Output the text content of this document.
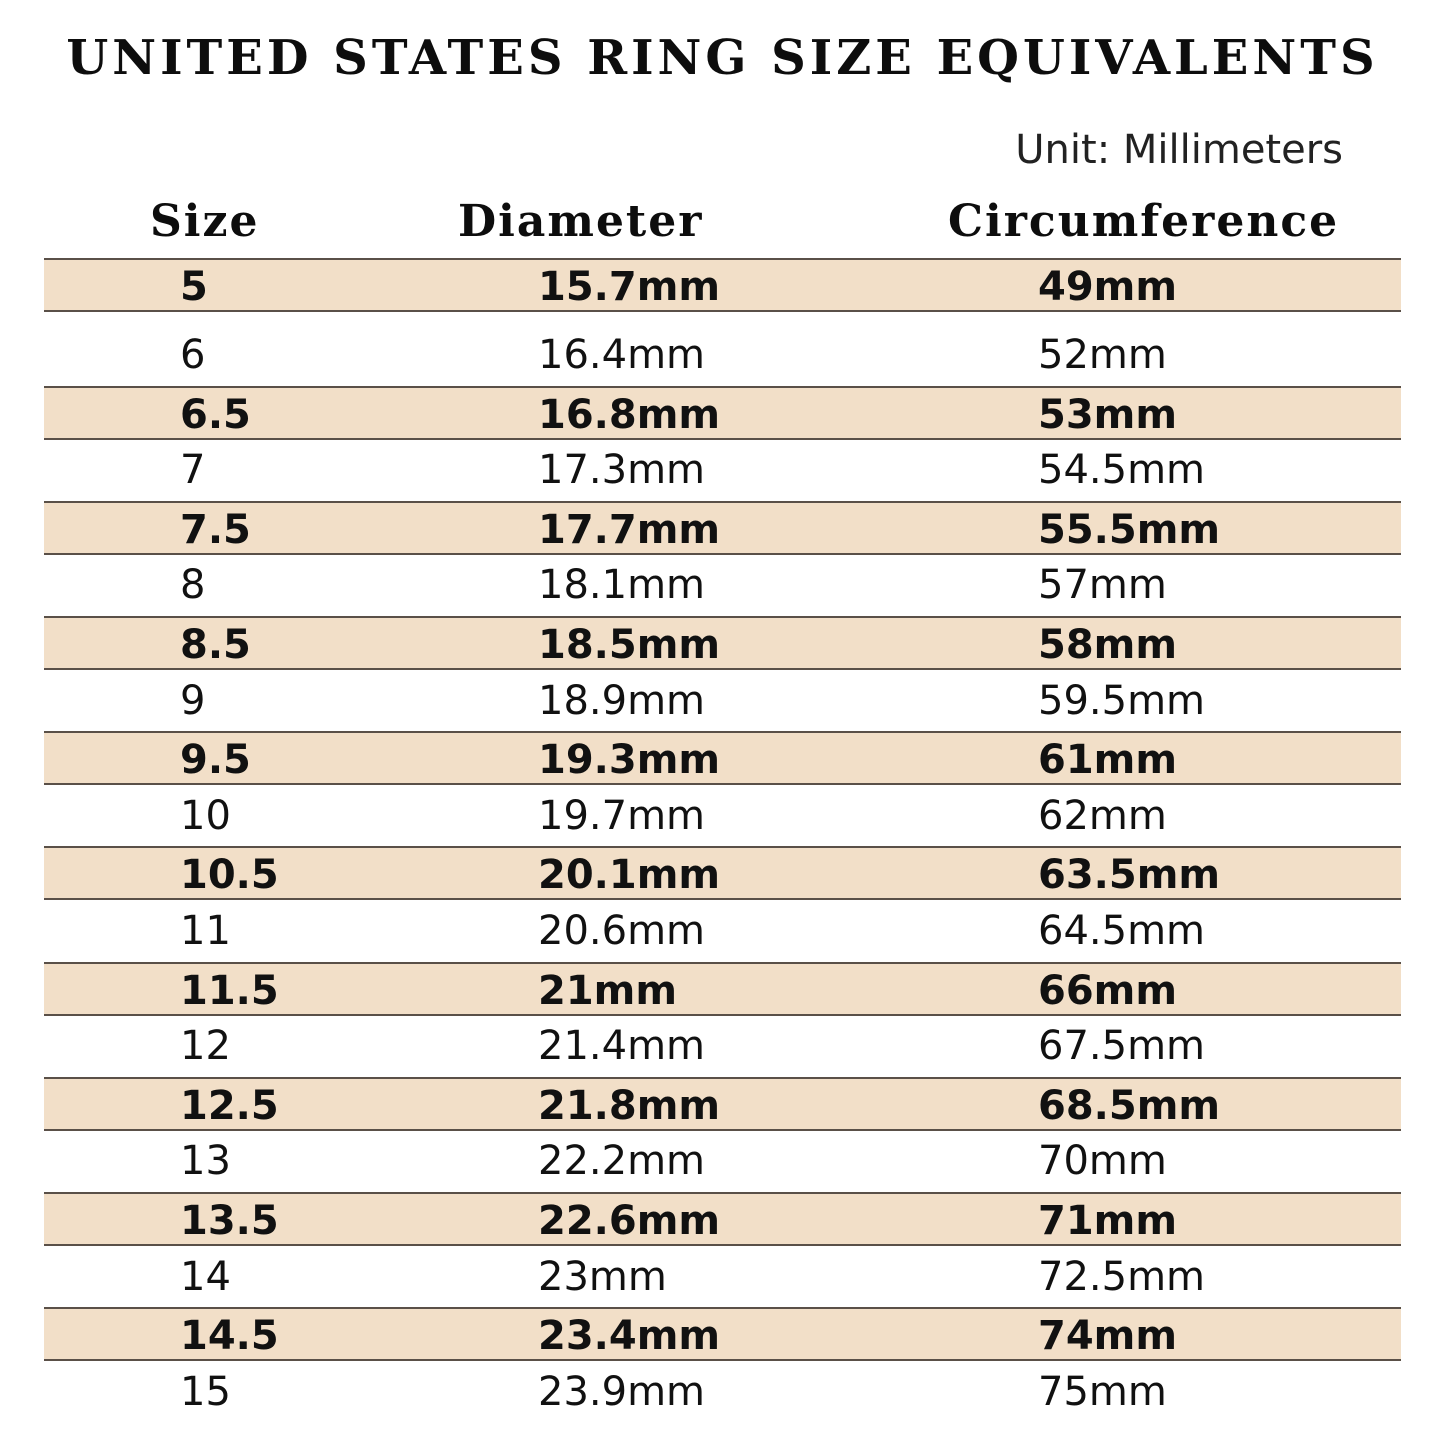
UNITED STATES RING SIZE EQUIVALENTS
Unit: Millimeters
Size	Diameter	Circumference
5	15.7mm	49mm
6	16.4mm	52mm
6.5	16.8mm	53mm
7	17.3mm	54.5mm
7.5	17.7mm	55.5mm
8	18.1mm	57mm
8.5	18.5mm	58mm
9	18.9mm	59.5mm
9.5	19.3mm	61mm
10	19.7mm	62mm
10.5	20.1mm	63.5mm
11	20.6mm	64.5mm
11.5	21mm	66mm
12	21.4mm	67.5mm
12.5	21.8mm	68.5mm
13	22.2mm	70mm
13.5	22.6mm	71mm
14	23mm	72.5mm
14.5	23.4mm	74mm
15	23.9mm	75mm
